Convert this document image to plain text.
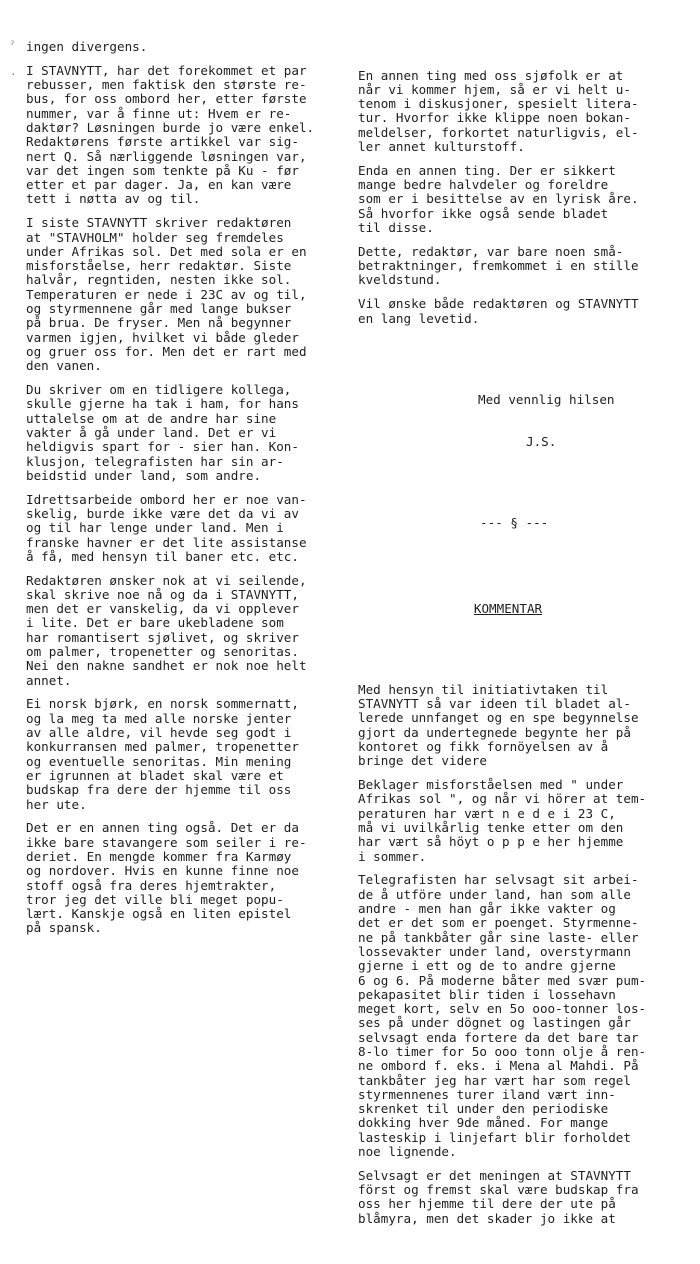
ˀ
·
ingen divergens.
I STAVNYTT, har det forekommet et par
rebusser, men faktisk den største re-
bus, for oss ombord her, etter første
nummer, var å finne ut: Hvem er re-
daktør? Løsningen burde jo være enkel.
Redaktørens første artikkel var sig-
nert Q. Så nærliggende løsningen var,
var det ingen som tenkte på Ku - før
etter et par dager. Ja, en kan være
tett i nøtta av og til.
I siste STAVNYTT skriver redaktøren
at "STAVHOLM" holder seg fremdeles
under Afrikas sol. Det med sola er en
misforståelse, herr redaktør. Siste
halvår, regntiden, nesten ikke sol.
Temperaturen er nede i 23C av og til,
og styrmennene går med lange bukser
på brua. De fryser. Men nå begynner
varmen igjen, hvilket vi både gleder
og gruer oss for. Men det er rart med
den vanen.
Du skriver om en tidligere kollega,
skulle gjerne ha tak i ham, for hans
uttalelse om at de andre har sine
vakter å gå under land. Det er vi
heldigvis spart for - sier han. Kon-
klusjon, telegrafisten har sin ar-
beidstid under land, som andre.
Idrettsarbeide ombord her er noe van-
skelig, burde ikke være det da vi av
og til har lenge under land. Men i
franske havner er det lite assistanse
å få, med hensyn til baner etc. etc.
Redaktøren ønsker nok at vi seilende,
skal skrive noe nå og da i STAVNYTT,
men det er vanskelig, da vi opplever
i lite. Det er bare ukebladene som
har romantisert sjølivet, og skriver
om palmer, tropenetter og senoritas.
Nei den nakne sandhet er nok noe helt
annet.
Ei norsk bjørk, en norsk sommernatt,
og la meg ta med alle norske jenter
av alle aldre, vil hevde seg godt i
konkurransen med palmer, tropenetter
og eventuelle senoritas. Min mening
er igrunnen at bladet skal være et
budskap fra dere der hjemme til oss
her ute.
Det er en annen ting også. Det er da
ikke bare stavangere som seiler i re-
deriet. En mengde kommer fra Karmøy
og nordover. Hvis en kunne finne noe
stoff også fra deres hjemtrakter,
tror jeg det ville bli meget popu-
lært. Kanskje også en liten epistel
på spansk.

En annen ting med oss sjøfolk er at
når vi kommer hjem, så er vi helt u-
tenom i diskusjoner, spesielt litera-
tur. Hvorfor ikke klippe noen bokan-
meldelser, forkortet naturligvis, el-
ler annet kulturstoff.
Enda en annen ting. Der er sikkert
mange bedre halvdeler og foreldre
som er i besittelse av en lyrisk åre.
Så hvorfor ikke også sende bladet
til disse.
Dette, redaktør, var bare noen små-
betraktninger, fremkommet i en stille
kveldstund.
Vil ønske både redaktøren og STAVNYTT
en lang levetid.

Med vennlig hilsen

J.S.

--- § ---

KOMMENTAR

Med hensyn til initiativtaken til
STAVNYTT så var ideen til bladet al-
lerede unnfanget og en spe begynnelse
gjort da undertegnede begynte her på
kontoret og fikk fornöyelsen av å
bringe det videre
Beklager misforståelsen med " under
Afrikas sol ", og når vi hörer at tem-
peraturen har vært n e d e i 23 C,
må vi uvilkårlig tenke etter om den
har vært så höyt o p p e her hjemme
i sommer.
Telegrafisten har selvsagt sit arbei-
de å utföre under land, han som alle
andre - men han går ikke vakter og
det er det som er poenget. Styrmenne-
ne på tankbåter går sine laste- eller
lossevakter under land, overstyrmann
gjerne i ett og de to andre gjerne
6 og 6. På moderne båter med svær pum-
pekapasitet blir tiden i lossehavn
meget kort, selv en 5o ooo-tonner los-
ses på under dögnet og lastingen går
selvsagt enda fortere da det bare tar
8-lo timer for 5o ooo tonn olje å ren-
ne ombord f. eks. i Mena al Mahdi. På
tankbåter jeg har vært har som regel
styrmennenes turer iland vært inn-
skrenket til under den periodiske
dokking hver 9de måned. For mange
lasteskip i linjefart blir forholdet
noe lignende.
Selvsagt er det meningen at STAVNYTT
först og fremst skal være budskap fra
oss her hjemme til dere der ute på
blåmyra, men det skader jo ikke at
